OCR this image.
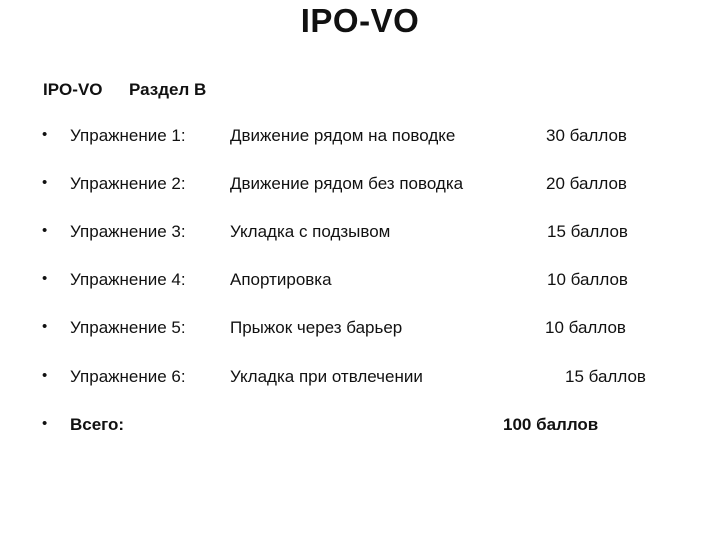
IPO-VO
IPO-VO Раздел B
• Упражнение 1:	Движение рядом на поводке	30 баллов
• Упражнение 2:	Движение рядом без поводка	20 баллов
• Упражнение 3:	Укладка с подзывом	15 баллов
• Упражнение 4:	Апортировка	10 баллов
• Упражнение 5:	Прыжок через барьер	10 баллов
• Упражнение 6:	Укладка при отвлечении	15 баллов
• Всего:	100 баллов
